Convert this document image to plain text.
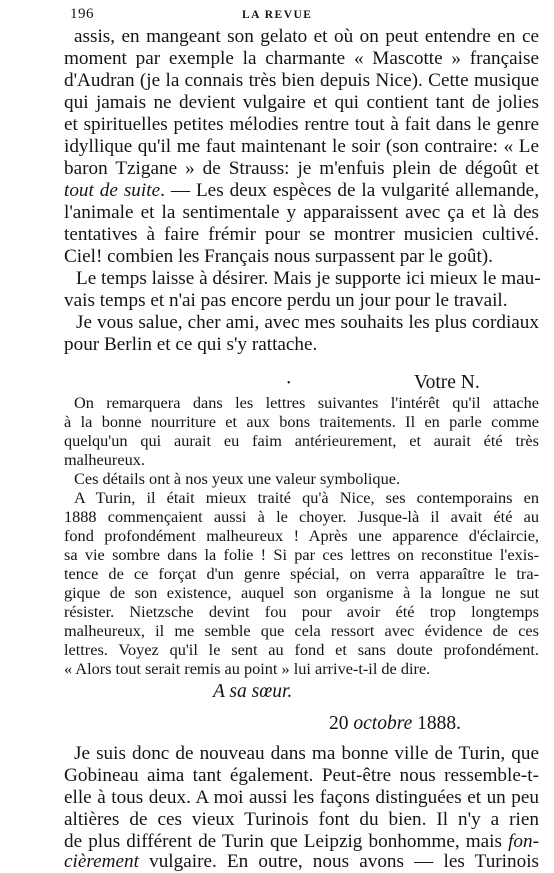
196	LA REVUE
assis, en mangeant son gelato et où on peut entendre en ce
moment par exemple la charmante « Mascotte » française
d'Audran (je la connais très bien depuis Nice). Cette musique
qui jamais ne devient vulgaire et qui contient tant de jolies
et spirituelles petites mélodies rentre tout à fait dans le genre
idyllique qu'il me faut maintenant le soir (son contraire: « Le
baron Tzigane » de Strauss: je m'enfuis plein de dégoût et
tout de suite. — Les deux espèces de la vulgarité allemande,
l'animale et la sentimentale y apparaissent avec ça et là des
tentatives à faire frémir pour se montrer musicien cultivé.
Ciel! combien les Français nous surpassent par le goût).
Le temps laisse à désirer. Mais je supporte ici mieux le mau-
vais temps et n'ai pas encore perdu un jour pour le travail.
Je vous salue, cher ami, avec mes souhaits les plus cordiaux
pour Berlin et ce qui s'y rattache.
•	Votre N.
On remarquera dans les lettres suivantes l'intérêt qu'il attache
à la bonne nourriture et aux bons traitements. Il en parle comme
quelqu'un qui aurait eu faim antérieurement, et aurait été très
malheureux.
Ces détails ont à nos yeux une valeur symbolique.
A Turin, il était mieux traité qu'à Nice, ses contemporains en
1888 commençaient aussi à le choyer. Jusque-là il avait été au
fond profondément malheureux ! Après une apparence d'éclaircie,
sa vie sombre dans la folie ! Si par ces lettres on reconstitue l'exis-
tence de ce forçat d'un genre spécial, on verra apparaître le tra-
gique de son existence, auquel son organisme à la longue ne sut
résister. Nietzsche devint fou pour avoir été trop longtemps
malheureux, il me semble que cela ressort avec évidence de ces
lettres. Voyez qu'il le sent au fond et sans doute profondément.
« Alors tout serait remis au point » lui arrive-t-il de dire.
A sa sœur.
20 octobre 1888.
Je suis donc de nouveau dans ma bonne ville de Turin, que
Gobineau aima tant également. Peut-être nous ressemble-t-
elle à tous deux. A moi aussi les façons distinguées et un peu
altières de ces vieux Turinois font du bien. Il n'y a rien
de plus différent de Turin que Leipzig bonhomme, mais fon-
cièrement vulgaire. En outre, nous avons — les Turinois
